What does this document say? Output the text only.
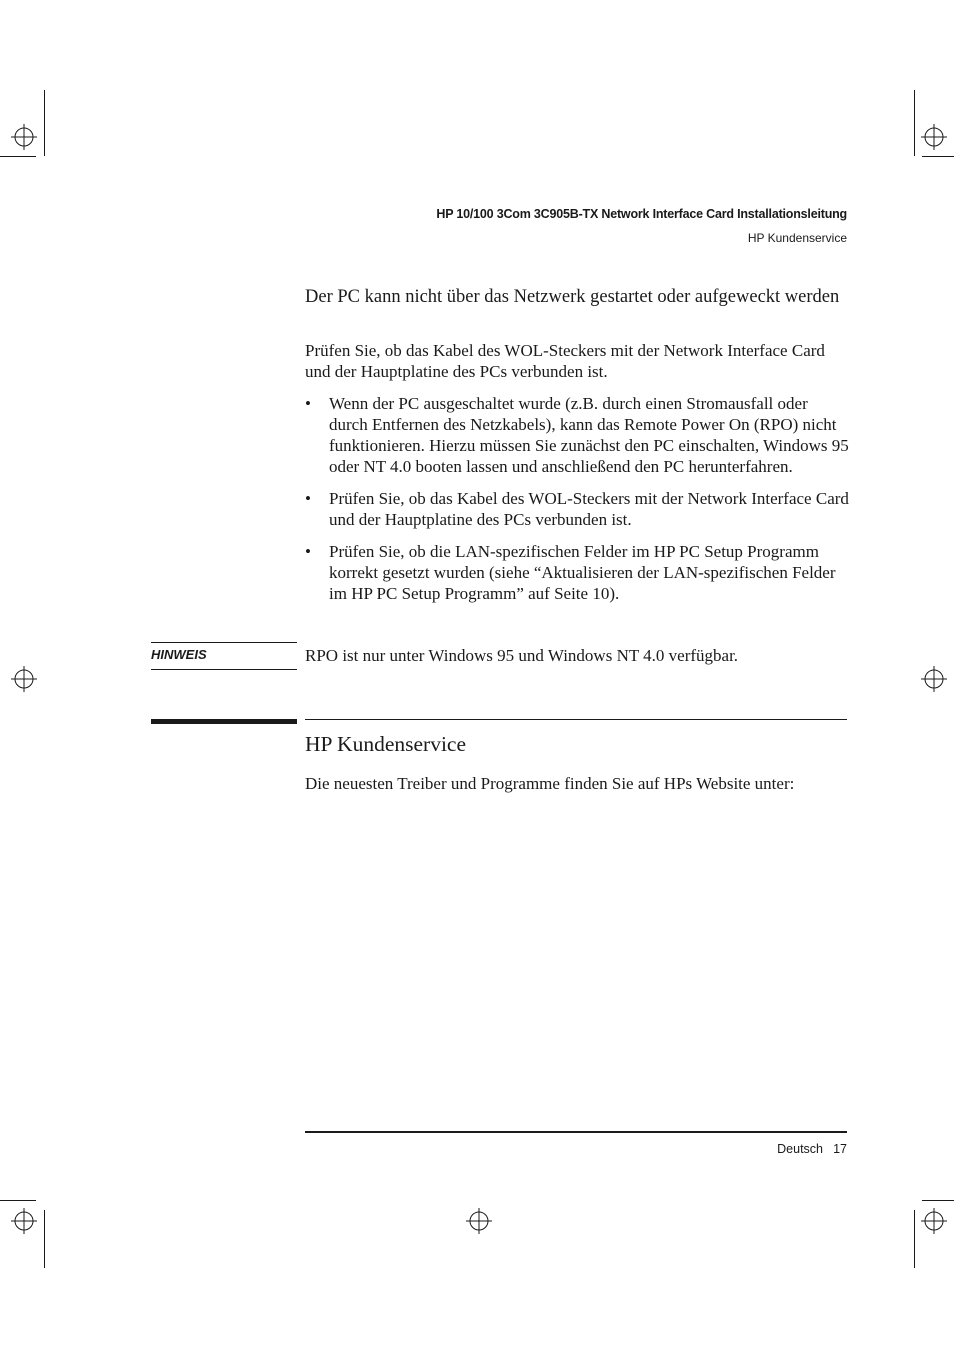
HP 10/100 3Com 3C905B-TX Network Interface Card Installationsleitung
HP Kundenservice
Der PC kann nicht über das Netzwerk gestartet oder aufgeweckt werden
Prüfen Sie, ob das Kabel des WOL-Steckers mit der Network Interface Card und der Hauptplatine des PCs verbunden ist.
• Wenn der PC ausgeschaltet wurde (z.B. durch einen Stromausfall oder durch Entfernen des Netzkabels), kann das Remote Power On (RPO) nicht funktionieren. Hierzu müssen Sie zunächst den PC einschalten, Windows 95 oder NT 4.0 booten lassen und anschließend den PC herunterfahren.
• Prüfen Sie, ob das Kabel des WOL-Steckers mit der Network Interface Card und der Hauptplatine des PCs verbunden ist.
• Prüfen Sie, ob die LAN-spezifischen Felder im HP PC Setup Programm korrekt gesetzt wurden (siehe “Aktualisieren der LAN-spezifischen Felder im HP PC Setup Programm” auf Seite 10).
HINWEIS	RPO ist nur unter Windows 95 und Windows NT 4.0 verfügbar.
HP Kundenservice
Die neuesten Treiber und Programme finden Sie auf HPs Website unter:
Deutsch 17
